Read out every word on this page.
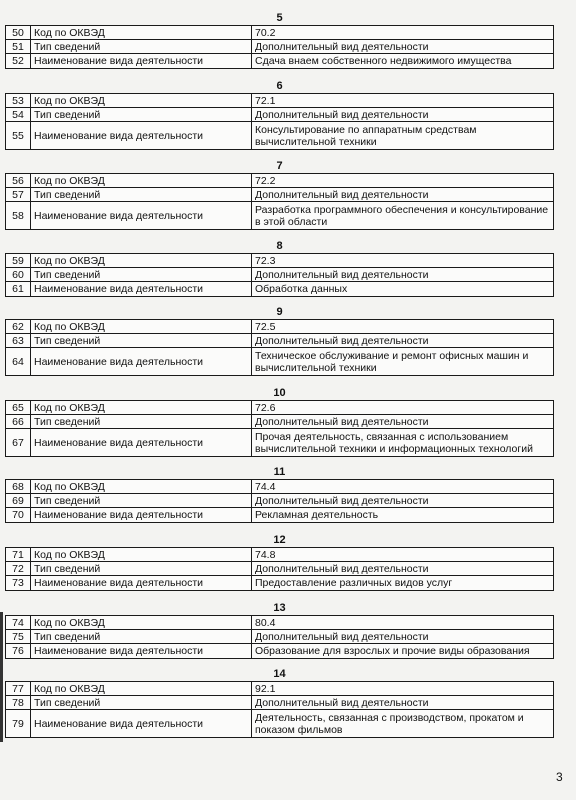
5
50	Код по ОКВЭД	70.2
51	Тип сведений	Дополнительный вид деятельности
52	Наименование вида деятельности	Сдача внаем собственного недвижимого имущества
6
53	Код по ОКВЭД	72.1
54	Тип сведений	Дополнительный вид деятельности
55	Наименование вида деятельности	Консультирование по аппаратным средствам вычислительной техники
7
56	Код по ОКВЭД	72.2
57	Тип сведений	Дополнительный вид деятельности
58	Наименование вида деятельности	Разработка программного обеспечения и консультирование в этой области
8
59	Код по ОКВЭД	72.3
60	Тип сведений	Дополнительный вид деятельности
61	Наименование вида деятельности	Обработка данных
9
62	Код по ОКВЭД	72.5
63	Тип сведений	Дополнительный вид деятельности
64	Наименование вида деятельности	Техническое обслуживание и ремонт офисных машин и вычислительной техники
10
65	Код по ОКВЭД	72.6
66	Тип сведений	Дополнительный вид деятельности
67	Наименование вида деятельности	Прочая деятельность, связанная с использованием вычислительной техники и информационных технологий
11
68	Код по ОКВЭД	74.4
69	Тип сведений	Дополнительный вид деятельности
70	Наименование вида деятельности	Рекламная деятельность
12
71	Код по ОКВЭД	74.8
72	Тип сведений	Дополнительный вид деятельности
73	Наименование вида деятельности	Предоставление различных видов услуг
13
74	Код по ОКВЭД	80.4
75	Тип сведений	Дополнительный вид деятельности
76	Наименование вида деятельности	Образование для взрослых и прочие виды образования
14
77	Код по ОКВЭД	92.1
78	Тип сведений	Дополнительный вид деятельности
79	Наименование вида деятельности	Деятельность, связанная с производством, прокатом и показом фильмов
3
